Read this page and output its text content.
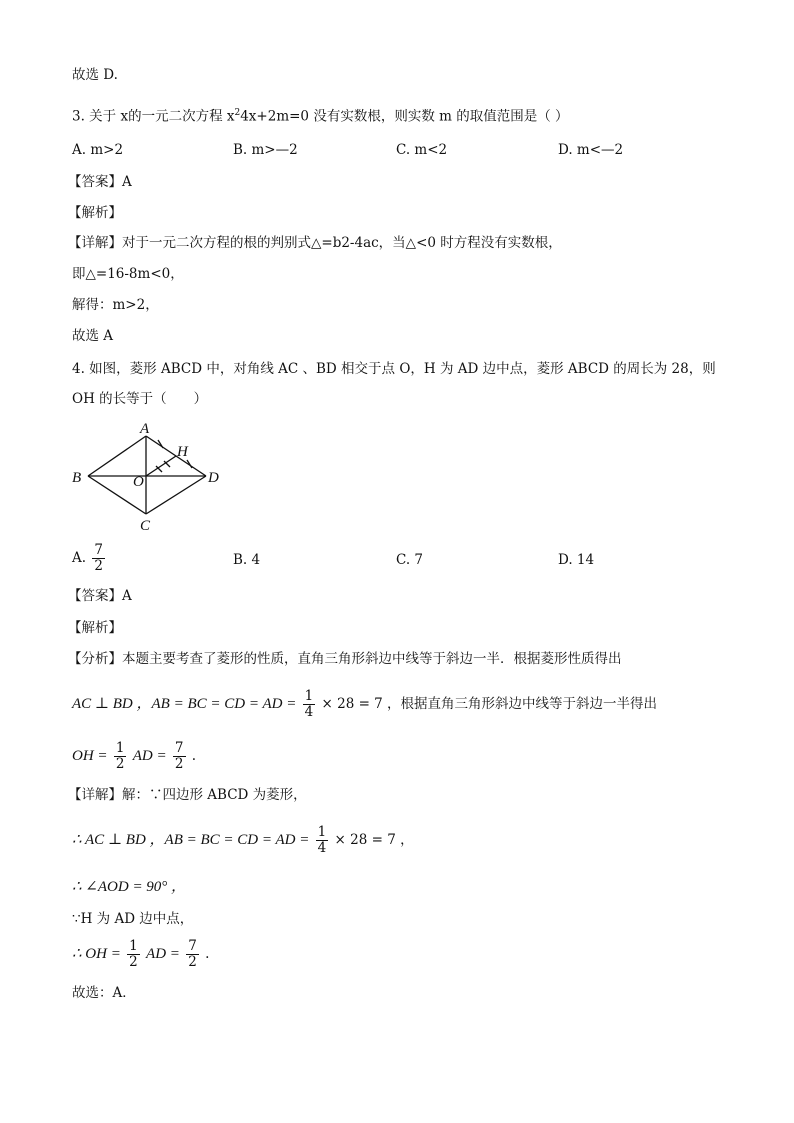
故选 D.
3. 关于 x的一元二次方程 $x^24x+2m=0$ 没有实数根，则实数 m 的取值范围是（ ）
A. m>2	B. m>—2	C. m<2	D. m<—2
【答案】A
【解析】
【详解】对于一元二次方程的根的判别式△=b2-4ac，当△<0 时方程没有实数根，
即△=16-8m<0，
解得：m>2，
故选 A
4. 如图，菱形 ABCD 中，对角线 AC 、BD 相交于点 O，H 为 AD 边中点，菱形 ABCD 的周长为 28，则
OH 的长等于（　　）
A
B
C
D
O
H
A. $\frac{7}{2}$	B. 4	C. 7	D. 14
【答案】A
【解析】
【分析】本题主要考查了菱形的性质，直角三角形斜边中线等于斜边一半．根据菱形性质得出
AC ⊥ BD ，AB = BC = CD = AD = $\frac{1}{4} \times 28 = 7$ ，根据直角三角形斜边中线等于斜边一半得出
OH = $\frac{1}{2}$ AD = $\frac{7}{2}$ .
【详解】解：∵四边形 ABCD 为菱形，
∴ AC ⊥ BD ，AB = BC = CD = AD = $\frac{1}{4} \times 28 = 7$ ，
∴ ∠AOD = 90° ，
∵H 为 AD 边中点，
∴ OH = $\frac{1}{2}$ AD = $\frac{7}{2}$ .
故选：A．
